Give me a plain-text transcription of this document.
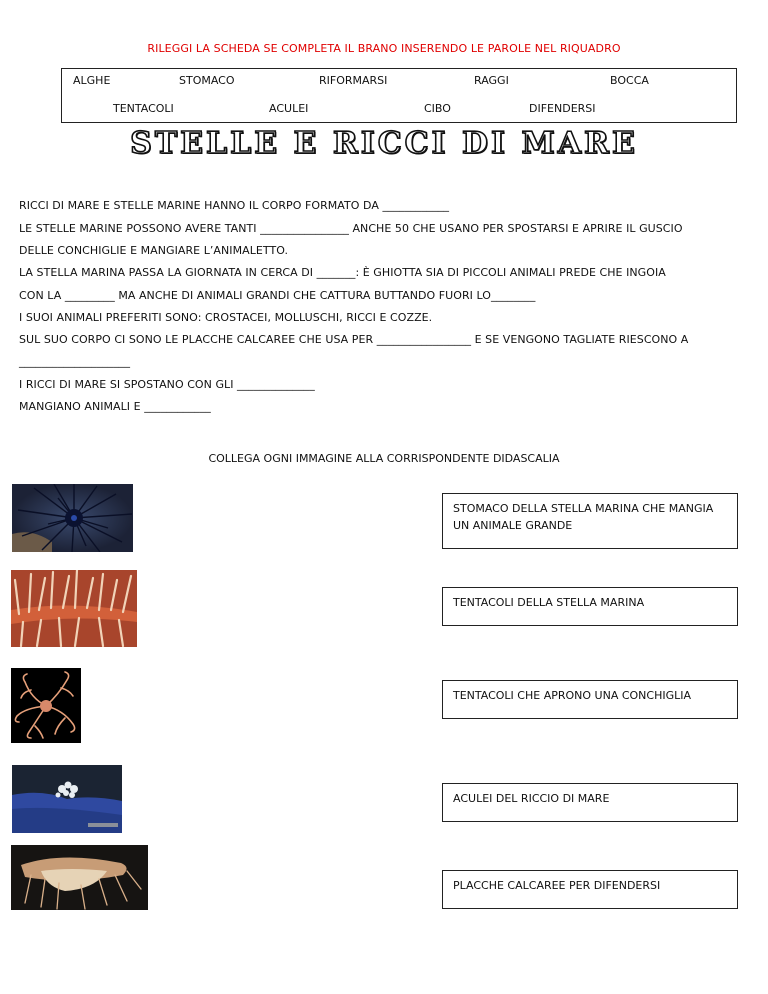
RILEGGI LA SCHEDA SE COMPLETA IL BRANO INSERENDO LE PAROLE NEL RIQUADRO
ALGHE	STOMACO	RIFORMARSI	RAGGI	BOCCA
TENTACOLI	ACULEI	CIBO	DIFENDERSI
STELLE E RICCI DI MARE
RICCI DI MARE E STELLE MARINE HANNO IL CORPO FORMATO DA ____________
LE STELLE MARINE POSSONO AVERE TANTI ________________ ANCHE 50 CHE USANO PER SPOSTARSI E APRIRE IL GUSCIO
DELLE CONCHIGLIE E MANGIARE L’ANIMALETTO.
LA STELLA MARINA PASSA LA GIORNATA IN CERCA DI _______: È GHIOTTA SIA DI PICCOLI ANIMALI PREDE CHE INGOIA
CON LA _________ MA ANCHE DI ANIMALI GRANDI CHE CATTURA BUTTANDO FUORI LO________
I SUOI ANIMALI PREFERITI SONO: CROSTACEI, MOLLUSCHI, RICCI E COZZE.
SUL SUO CORPO CI SONO LE PLACCHE CALCAREE CHE USA PER _________________ E SE VENGONO TAGLIATE RIESCONO A
____________________
I RICCI DI MARE SI SPOSTANO CON GLI ______________
MANGIANO ANIMALI E ____________
COLLEGA OGNI IMMAGINE ALLA CORRISPONDENTE DIDASCALIA
STOMACO DELLA STELLA MARINA CHE MANGIA UN ANIMALE GRANDE
TENTACOLI DELLA STELLA MARINA
TENTACOLI CHE APRONO UNA CONCHIGLIA
ACULEI DEL RICCIO DI MARE
PLACCHE CALCAREE PER DIFENDERSI
